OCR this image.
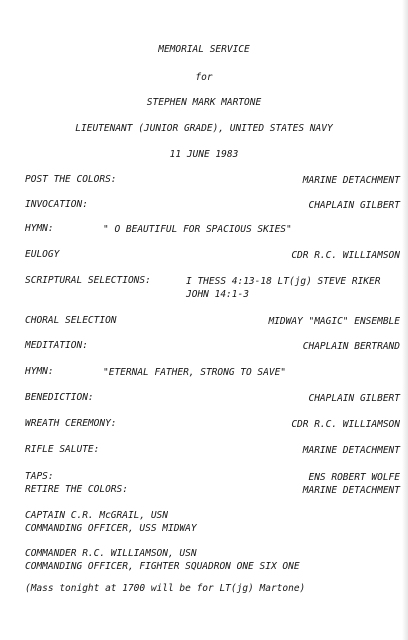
MEMORIAL SERVICE
for
STEPHEN MARK MARTONE
LIEUTENANT (JUNIOR GRADE), UNITED STATES NAVY
11 JUNE 1983
POST THE COLORS:	MARINE DETACHMENT
INVOCATION:	CHAPLAIN GILBERT
HYMN:	" O BEAUTIFUL FOR SPACIOUS SKIES"
EULOGY	CDR R.C. WILLIAMSON
SCRIPTURAL SELECTIONS:	I THESS 4:13-18 LT(jg) STEVE RIKER
JOHN 14:1-3
CHORAL SELECTION	MIDWAY "MAGIC" ENSEMBLE
MEDITATION:	CHAPLAIN BERTRAND
HYMN:	"ETERNAL FATHER, STRONG TO SAVE"
BENEDICTION:	CHAPLAIN GILBERT
WREATH CEREMONY:	CDR R.C. WILLIAMSON
RIFLE SALUTE:	MARINE DETACHMENT
TAPS:	ENS ROBERT WOLFE
RETIRE THE COLORS:	MARINE DETACHMENT
CAPTAIN C.R. McGRAIL, USN
COMMANDING OFFICER, USS MIDWAY
COMMANDER R.C. WILLIAMSON, USN
COMMANDING OFFICER, FIGHTER SQUADRON ONE SIX ONE
(Mass tonight at 1700 will be for LT(jg) Martone)
